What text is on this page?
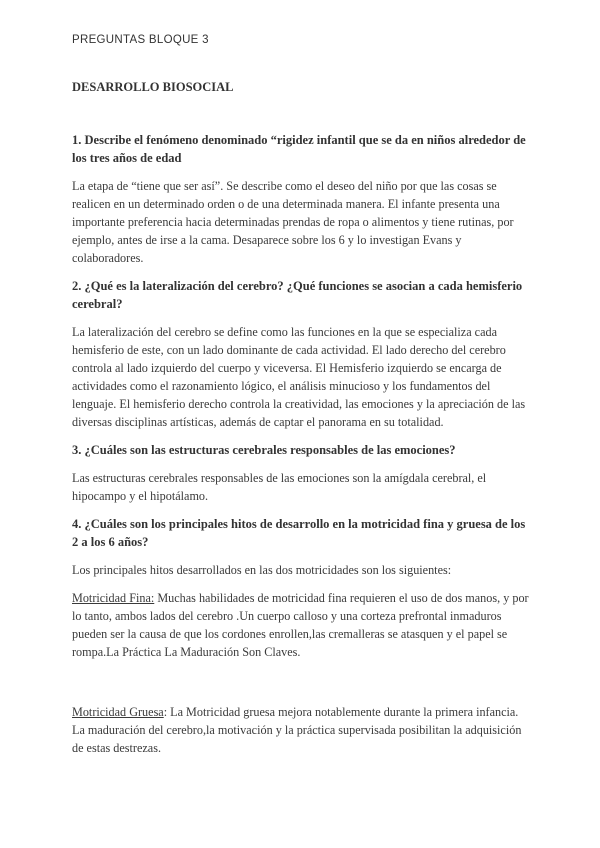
PREGUNTAS BLOQUE 3
DESARROLLO BIOSOCIAL

1. Describe el fenómeno denominado “rigidez infantil que se da en niños alrededor de los tres años de edad

La etapa de “tiene que ser así”. Se describe como el deseo del niño por que las cosas se realicen en un determinado orden o de una determinada manera. El infante presenta una importante preferencia hacia determinadas prendas de ropa o alimentos y tiene rutinas, por ejemplo, antes de irse a la cama. Desaparece sobre los 6 y lo investigan Evans y colaboradores.

2. ¿Qué es la lateralización del cerebro? ¿Qué funciones se asocian a cada hemisferio cerebral?

La lateralización del cerebro se define como las funciones en la que se especializa cada hemisferio de este, con un lado dominante de cada actividad. El lado derecho del cerebro controla al lado izquierdo del cuerpo y viceversa. El Hemisferio izquierdo se encarga de actividades como el razonamiento lógico, el análisis minucioso y los fundamentos del lenguaje. El hemisferio derecho controla la creatividad, las emociones y la apreciación de las diversas disciplinas artísticas, además de captar el panorama en su totalidad.

3. ¿Cuáles son las estructuras cerebrales responsables de las emociones?

Las estructuras cerebrales responsables de las emociones son la amígdala cerebral, el hipocampo y el hipotálamo.

4. ¿Cuáles son los principales hitos de desarrollo en la motricidad fina y gruesa de los 2 a los 6 años?

Los principales hitos desarrollados en las dos motricidades son los siguientes:

Motricidad Fina: Muchas habilidades de motricidad fina requieren el uso de dos manos, y por lo tanto, ambos lados del cerebro .Un cuerpo calloso y una corteza prefrontal inmaduros pueden ser la causa de que los cordones enrollen,las cremalleras se atasquen y el papel se rompa.La Práctica La Maduración Son Claves.

Motricidad Gruesa: La Motricidad gruesa mejora notablemente durante la primera infancia. La maduración del cerebro,la motivación y la práctica supervisada posibilitan la adquisición de estas destrezas.
